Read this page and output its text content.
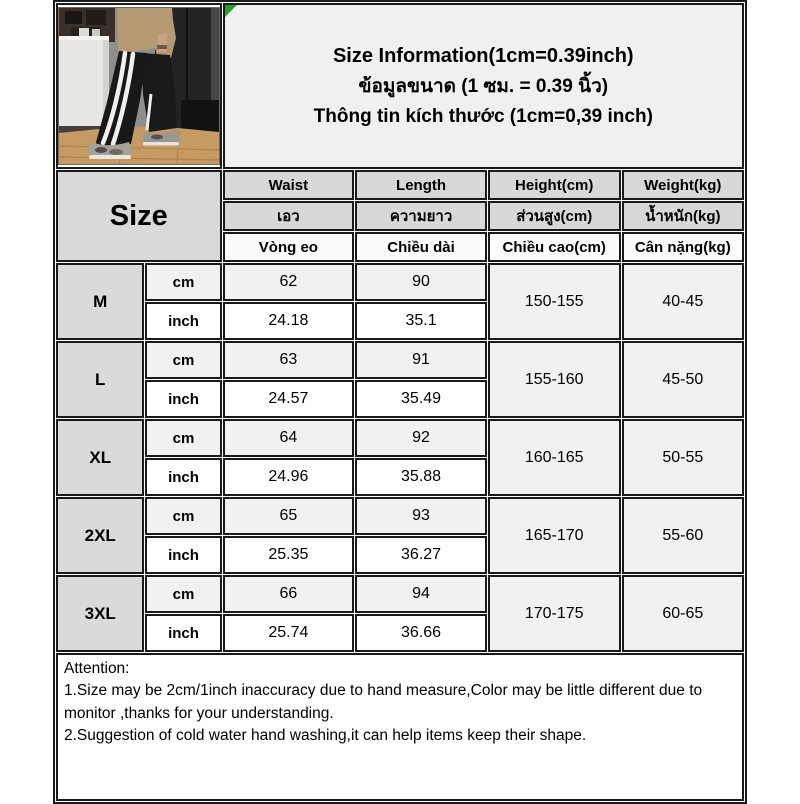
Size Information(1cm=0.39inch)
ข้อมูลขนาด (1 ซม. = 0.39 นิ้ว)
Thông tin kích thước (1cm=0,39 inch)			

Size		Waist	Length	Height(cm)	Weight(kg)
		เอว	ความยาว	ส่วนสูง(cm)	น้ำหนัก(kg)
		Vòng eo	Chiều dài	Chiều cao(cm)	Cân nặng(kg)
M	cm	62	90	150-155	40-45
	inch	24.18	35.1		
L	cm	63	91	155-160	45-50
	inch	24.57	35.49		
XL	cm	64	92	160-165	50-55
	inch	24.96	35.88		
2XL	cm	65	93	165-170	55-60
	inch	25.35	36.27		
3XL	cm	66	94	170-175	60-65
	inch	25.74	36.66		

Attention:
1.Size may be 2cm/1inch inaccuracy due to hand measure,Color may be little different due to monitor ,thanks for your understanding.
2.Suggestion of cold water hand washing,it can help items keep their shape.					
